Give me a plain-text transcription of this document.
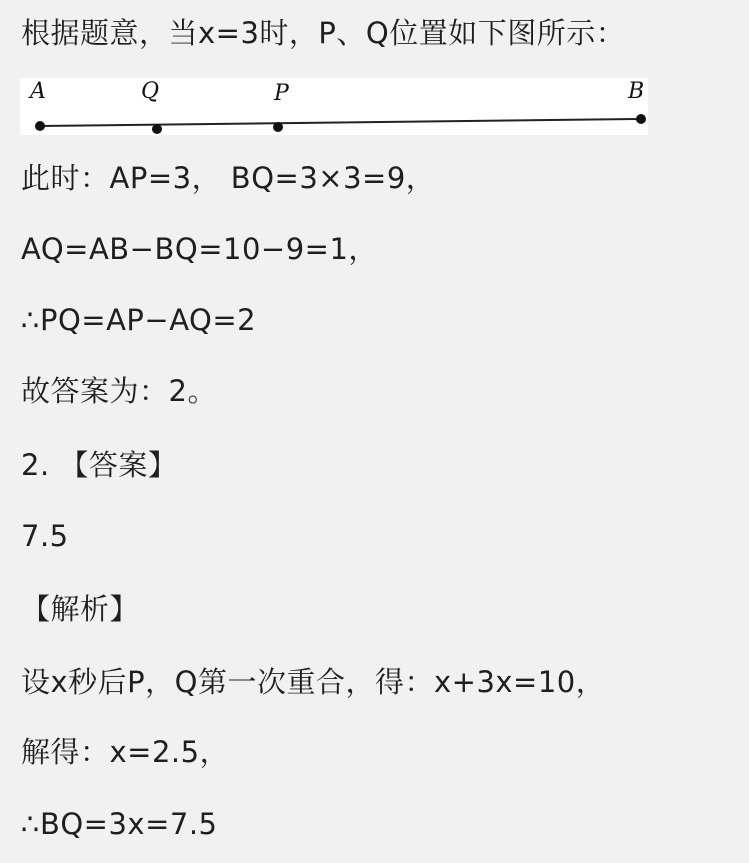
根据题意，当x=3时，P、Q位置如下图所示：
A	Q	P	B
此时：AP=3， BQ=3×3=9，
AQ=AB−BQ=10−9=1，
∴PQ=AP−AQ=2
故答案为：2。
2. 【答案】
7.5
【解析】
设x秒后P，Q第一次重合，得：x+3x=10，
解得：x=2.5，
∴BQ=3x=7.5
